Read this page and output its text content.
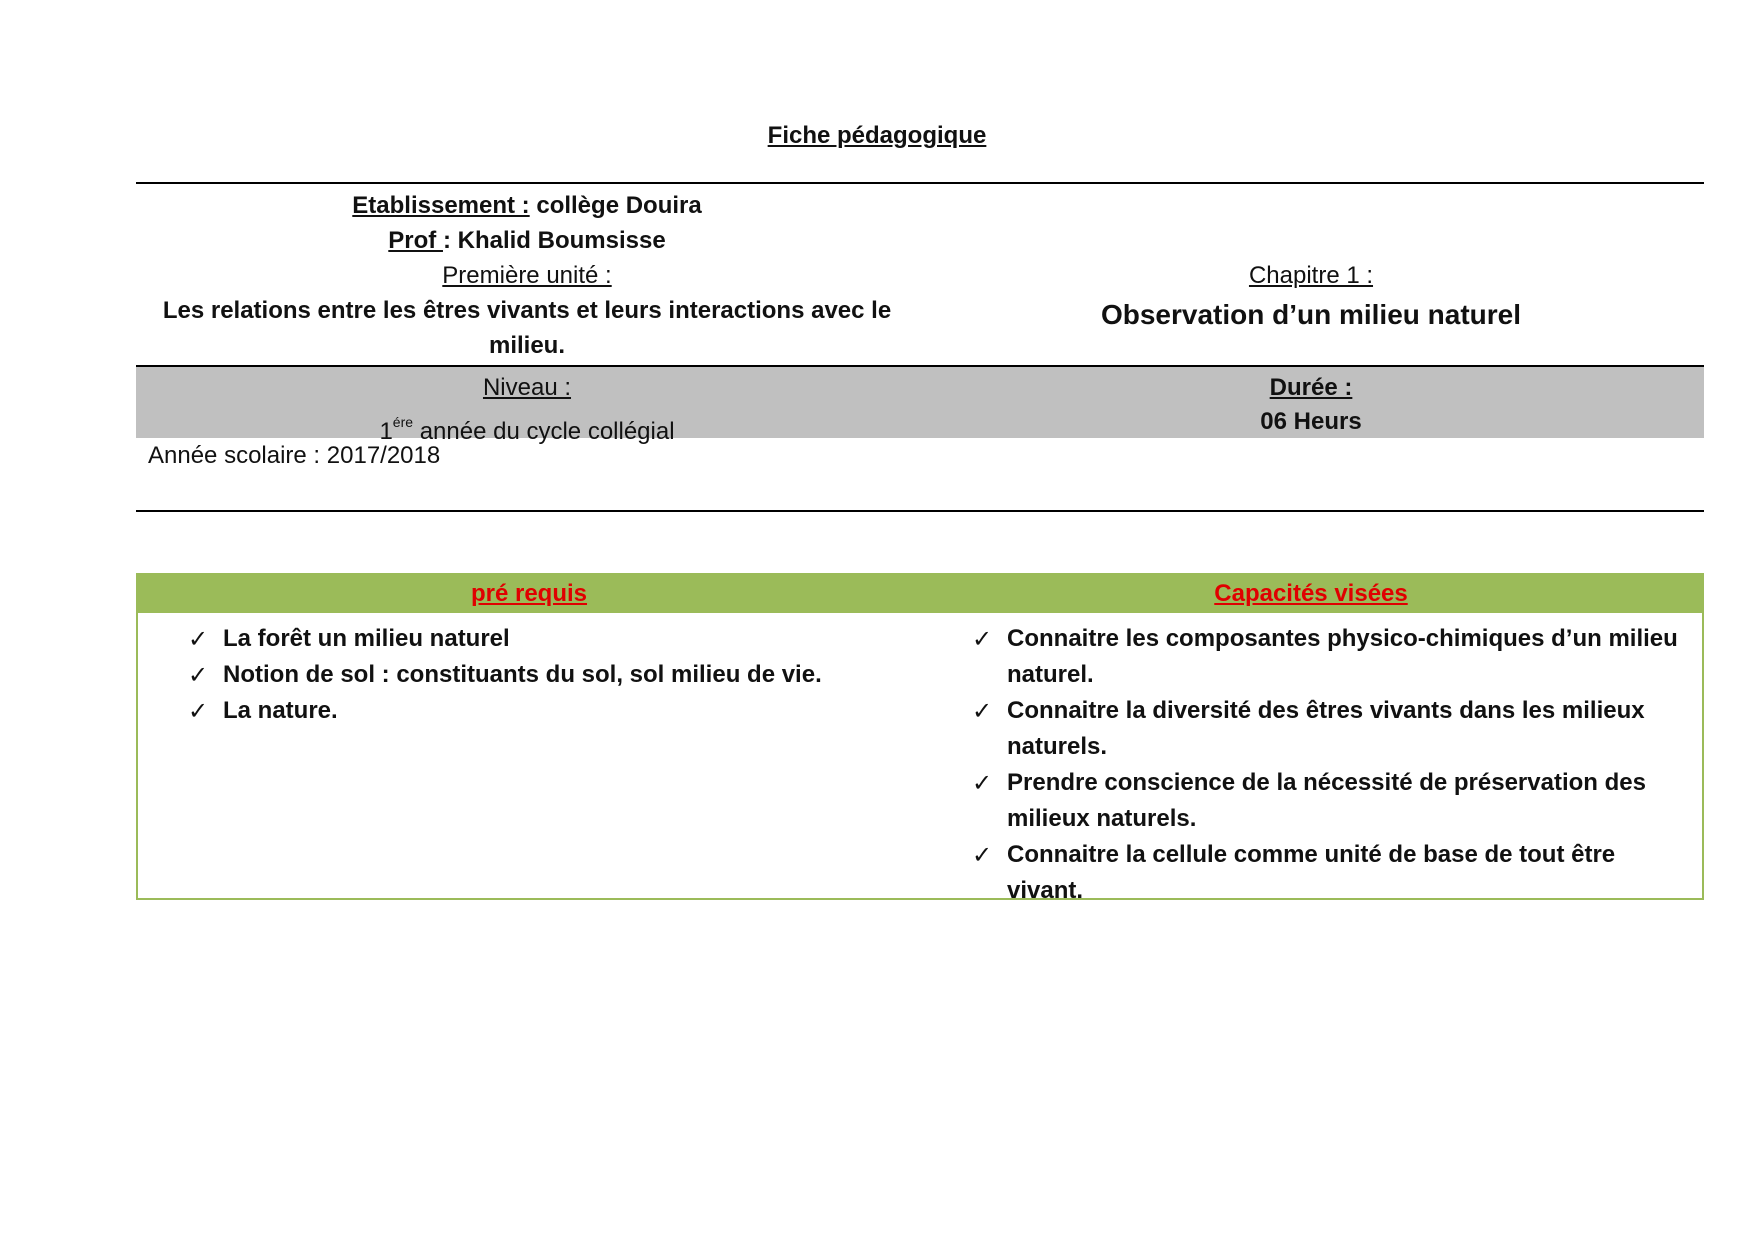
Fiche pédagogique
Etablissement : collège Douira
Prof : Khalid Boumsisse
Première unité :
Les relations entre les êtres vivants et leurs interactions avec le milieu.
Chapitre 1 :
Observation d’un milieu naturel
Niveau :
$1^{ére}$ année du cycle collégial
Durée :
06 Heurs
Année scolaire : 2017/2018
pré requis	Capacités visées
✓ La forêt un milieu naturel
✓ Notion de sol : constituants du sol, sol milieu de vie.
✓ La nature.
✓ Connaitre les composantes physico-chimiques d’un milieu naturel.
✓ Connaitre la diversité des êtres vivants dans les milieux naturels.
✓ Prendre conscience de la nécessité de préservation des milieux naturels.
✓ Connaitre la cellule comme unité de base de tout être vivant.
